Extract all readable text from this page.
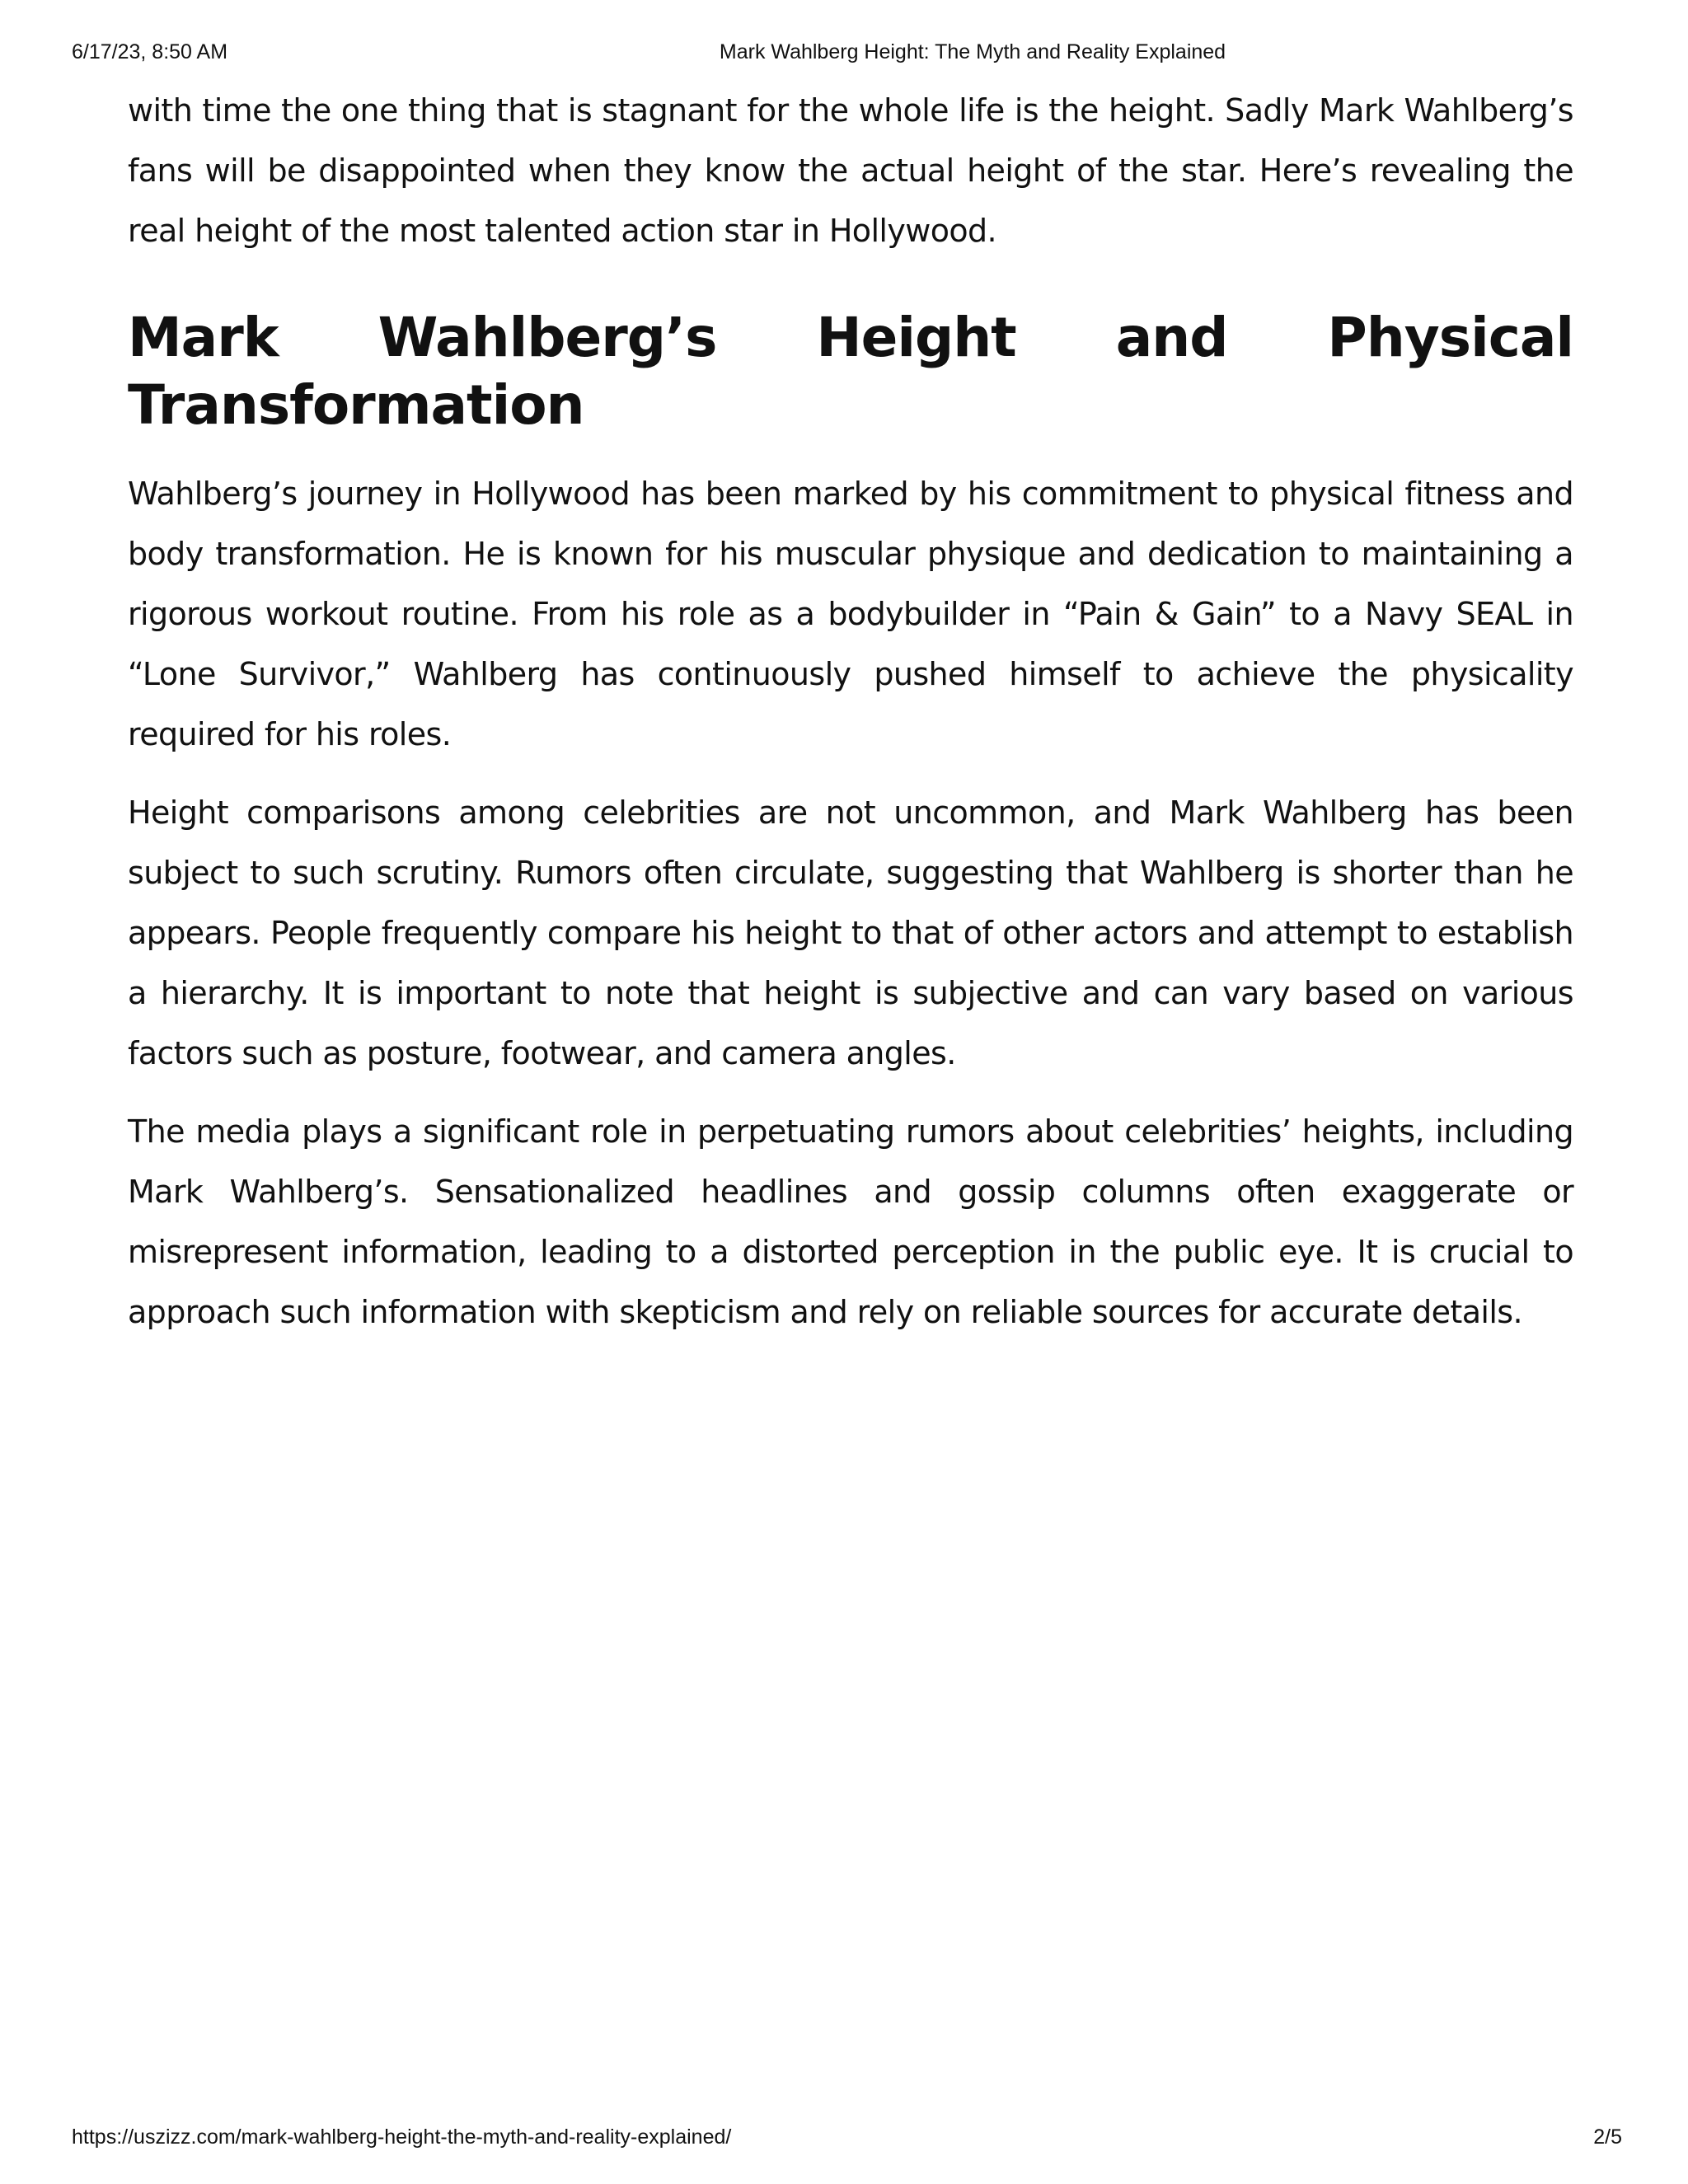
6/17/23, 8:50 AM	Mark Wahlberg Height: The Myth and Reality Explained

with time the one thing that is stagnant for the whole life is the height. Sadly Mark Wahlberg’s fans will be disappointed when they know the actual height of the star. Here’s revealing the real height of the most talented action star in Hollywood.

Mark Wahlberg’s Height and Physical
Transformation

Wahlberg’s journey in Hollywood has been marked by his commitment to physical fitness and body transformation. He is known for his muscular physique and dedication to maintaining a rigorous workout routine. From his role as a bodybuilder in “Pain & Gain” to a Navy SEAL in “Lone Survivor,” Wahlberg has continuously pushed himself to achieve the physicality required for his roles.

Height comparisons among celebrities are not uncommon, and Mark Wahlberg has been subject to such scrutiny. Rumors often circulate, suggesting that Wahlberg is shorter than he appears. People frequently compare his height to that of other actors and attempt to establish a hierarchy. It is important to note that height is subjective and can vary based on various factors such as posture, footwear, and camera angles.

The media plays a significant role in perpetuating rumors about celebrities’ heights, including Mark Wahlberg’s. Sensationalized headlines and gossip columns often exaggerate or misrepresent information, leading to a distorted perception in the public eye. It is crucial to approach such information with skepticism and rely on reliable sources for accurate details.

https://uszizz.com/mark-wahlberg-height-the-myth-and-reality-explained/	2/5
